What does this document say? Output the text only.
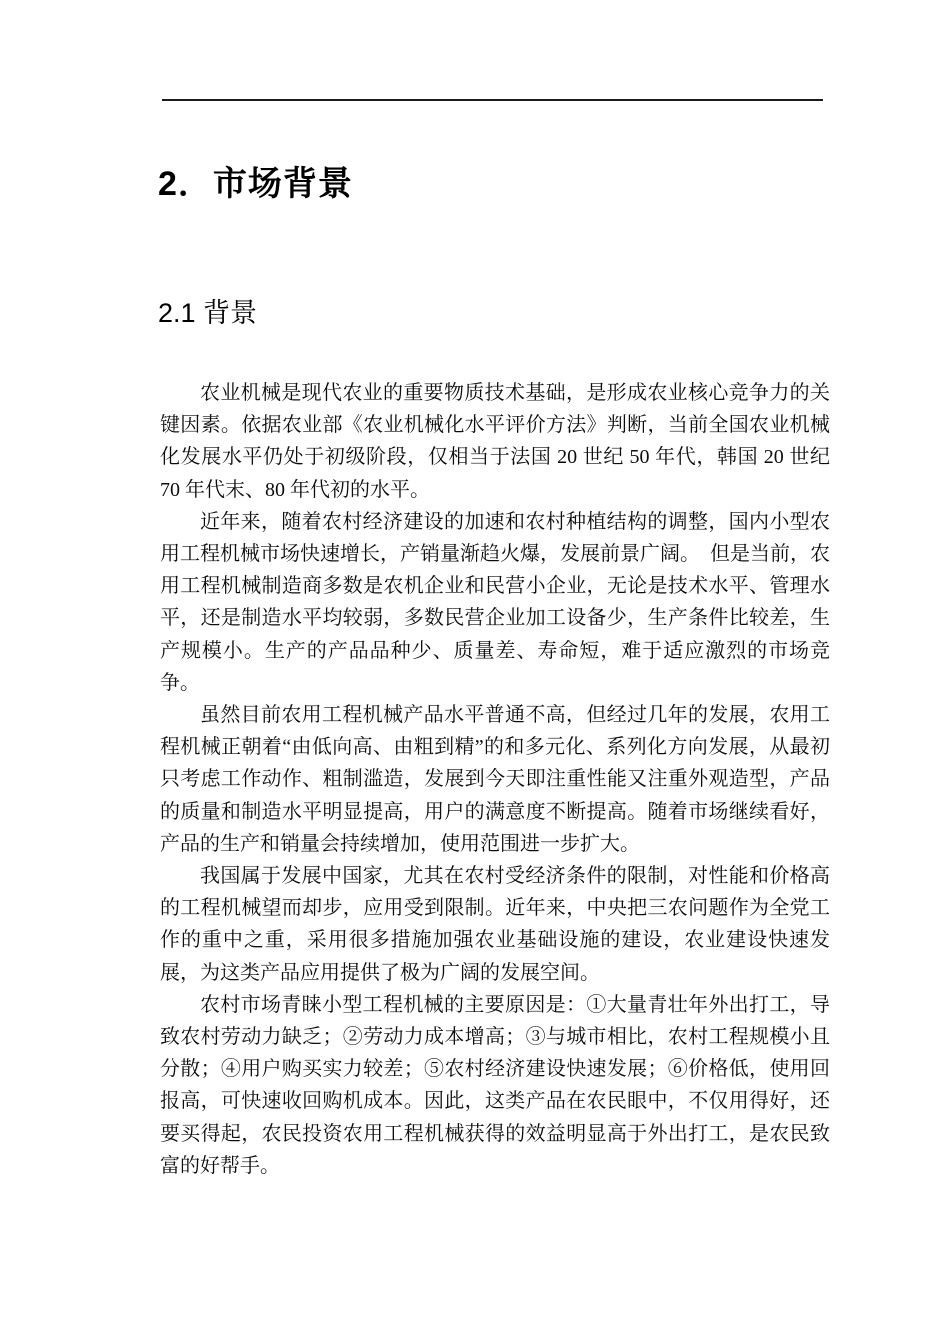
2．市场背景
2.1 背景

农业机械是现代农业的重要物质技术基础，是形成农业核心竞争力的关键因素。依据农业部《农业机械化水平评价方法》判断，当前全国农业机械化发展水平仍处于初级阶段，仅相当于法国 20 世纪 50 年代，韩国 20 世纪 70 年代末、80 年代初的水平。

近年来，随着农村经济建设的加速和农村种植结构的调整，国内小型农用工程机械市场快速增长，产销量渐趋火爆，发展前景广阔。　但是当前，农用工程机械制造商多数是农机企业和民营小企业，无论是技术水平、管理水平，还是制造水平均较弱，多数民营企业加工设备少，生产条件比较差，生产规模小。生产的产品品种少、质量差、寿命短，难于适应激烈的市场竞争。

虽然目前农用工程机械产品水平普通不高，但经过几年的发展，农用工程机械正朝着“由低向高、由粗到精”的和多元化、系列化方向发展，从最初只考虑工作动作、粗制滥造，发展到今天即注重性能又注重外观造型，产品的质量和制造水平明显提高，用户的满意度不断提高。随着市场继续看好，产品的生产和销量会持续增加，使用范围进一步扩大。

我国属于发展中国家，尤其在农村受经济条件的限制，对性能和价格高的工程机械望而却步，应用受到限制。近年来，中央把三农问题作为全党工作的重中之重，采用很多措施加强农业基础设施的建设，农业建设快速发展，为这类产品应用提供了极为广阔的发展空间。

农村市场青睐小型工程机械的主要原因是：①大量青壮年外出打工，导致农村劳动力缺乏；②劳动力成本增高；③与城市相比，农村工程规模小且分散；④用户购买实力较差；⑤农村经济建设快速发展；⑥价格低，使用回报高，可快速收回购机成本。因此，这类产品在农民眼中，不仅用得好，还要买得起，农民投资农用工程机械获得的效益明显高于外出打工，是农民致富的好帮手。
